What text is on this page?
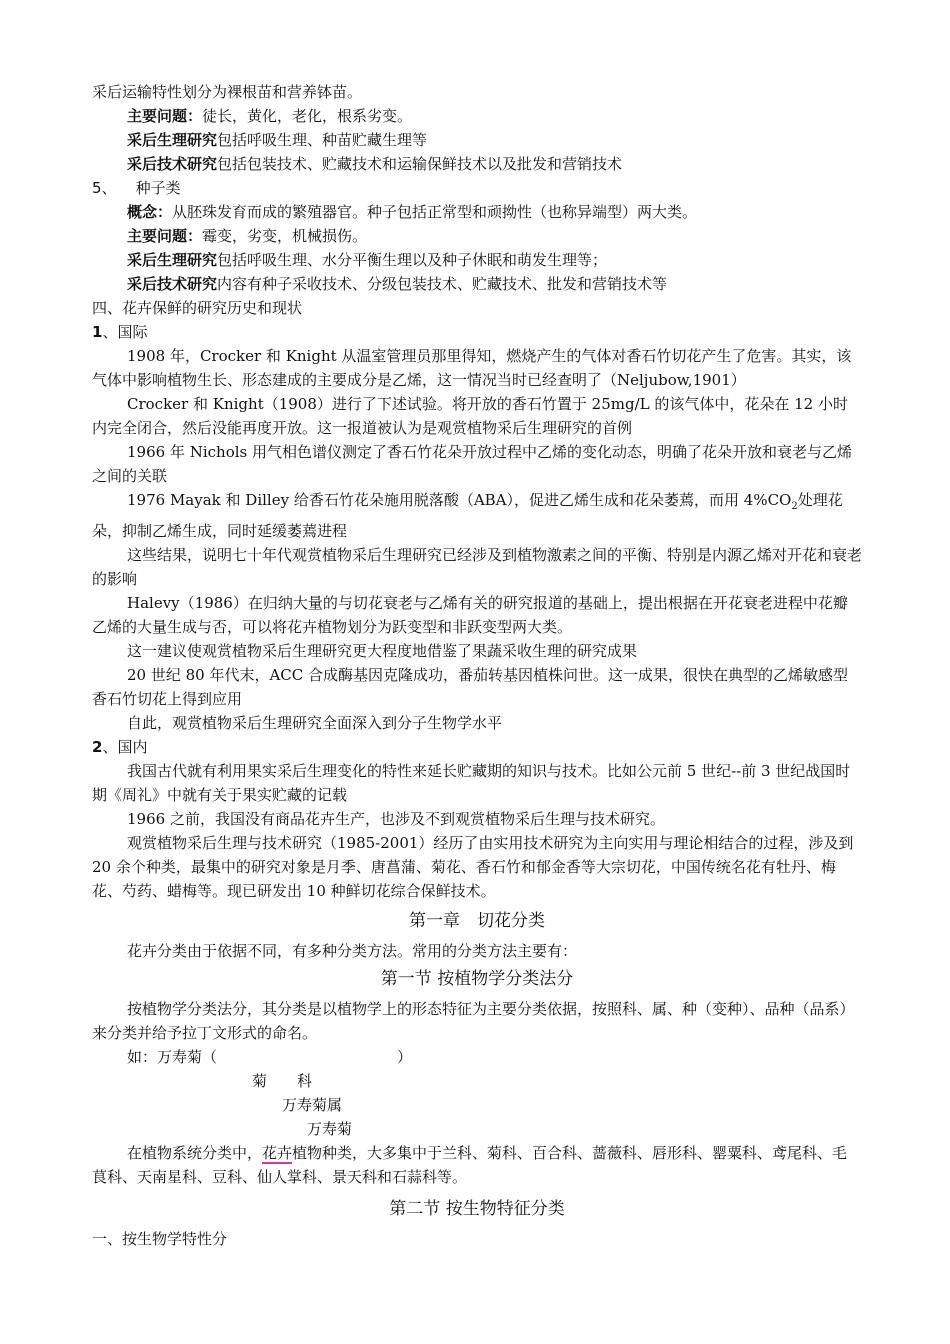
采后运输特性划分为裸根苗和营养钵苗。

主要问题：徒长，黄化，老化，根系劣变。

采后生理研究包括呼吸生理、种苗贮藏生理等

采后技术研究包括包装技术、贮藏技术和运输保鲜技术以及批发和营销技术

5、 种子类

概念：从胚珠发育而成的繁殖器官。种子包括正常型和顽拗性（也称异端型）两大类。

主要问题：霉变，劣变，机械损伤。

采后生理研究包括呼吸生理、水分平衡生理以及种子休眠和萌发生理等；

采后技术研究内容有种子采收技术、分级包装技术、贮藏技术、批发和营销技术等

四、花卉保鲜的研究历史和现状

1、国际

1908 年，Crocker 和 Knight 从温室管理员那里得知，燃烧产生的气体对香石竹切花产生了危害。其实，该气体中影响植物生长、形态建成的主要成分是乙烯，这一情况当时已经查明了（Neljubow,1901）

Crocker 和 Knight（1908）进行了下述试验。将开放的香石竹置于 25mg/L 的该气体中，花朵在 12 小时内完全闭合，然后没能再度开放。这一报道被认为是观赏植物采后生理研究的首例

1966 年 Nichols 用气相色谱仪测定了香石竹花朵开放过程中乙烯的变化动态，明确了花朵开放和衰老与乙烯之间的关联

1976 Mayak 和 Dilley 给香石竹花朵施用脱落酸（ABA），促进乙烯生成和花朵萎蔫，而用 $4\%CO_2$处理花朵，抑制乙烯生成，同时延缓萎蔫进程

这些结果，说明七十年代观赏植物采后生理研究已经涉及到植物激素之间的平衡、特别是内源乙烯对开花和衰老的影响

Halevy（1986）在归纳大量的与切花衰老与乙烯有关的研究报道的基础上，提出根据在开花衰老进程中花瓣乙烯的大量生成与否，可以将花卉植物划分为跃变型和非跃变型两大类。

这一建议使观赏植物采后生理研究更大程度地借鉴了果蔬采收生理的研究成果

20 世纪 80 年代末，ACC 合成酶基因克隆成功，番茄转基因植株问世。这一成果，很快在典型的乙烯敏感型香石竹切花上得到应用

自此，观赏植物采后生理研究全面深入到分子生物学水平

2、国内

我国古代就有利用果实采后生理变化的特性来延长贮藏期的知识与技术。比如公元前 5 世纪--前 3 世纪战国时期《周礼》中就有关于果实贮藏的记载

1966 之前，我国没有商品花卉生产，也涉及不到观赏植物采后生理与技术研究。

观赏植物采后生理与技术研究（1985-2001）经历了由实用技术研究为主向实用与理论相结合的过程，涉及到 20 余个种类，最集中的研究对象是月季、唐菖蒲、菊花、香石竹和郁金香等大宗切花，中国传统名花有牡丹、梅花、芍药、蜡梅等。现已研发出 10 种鲜切花综合保鲜技术。

第一章　切花分类

花卉分类由于依据不同，有多种分类方法。常用的分类方法主要有：

第一节 按植物学分类法分

按植物学分类法分，其分类是以植物学上的形态特征为主要分类依据，按照科、属、种（变种）、品种（品系）来分类并给予拉丁文形式的命名。

如：万寿菊（　　　　　　　　　　　　）

菊　　科

万寿菊属

万寿菊

在植物系统分类中，花卉植物种类，大多集中于兰科、菊科、百合科、蔷薇科、唇形科、罂粟科、鸢尾科、毛茛科、天南星科、豆科、仙人掌科、景天科和石蒜科等。

第二节 按生物特征分类

一、按生物学特性分
